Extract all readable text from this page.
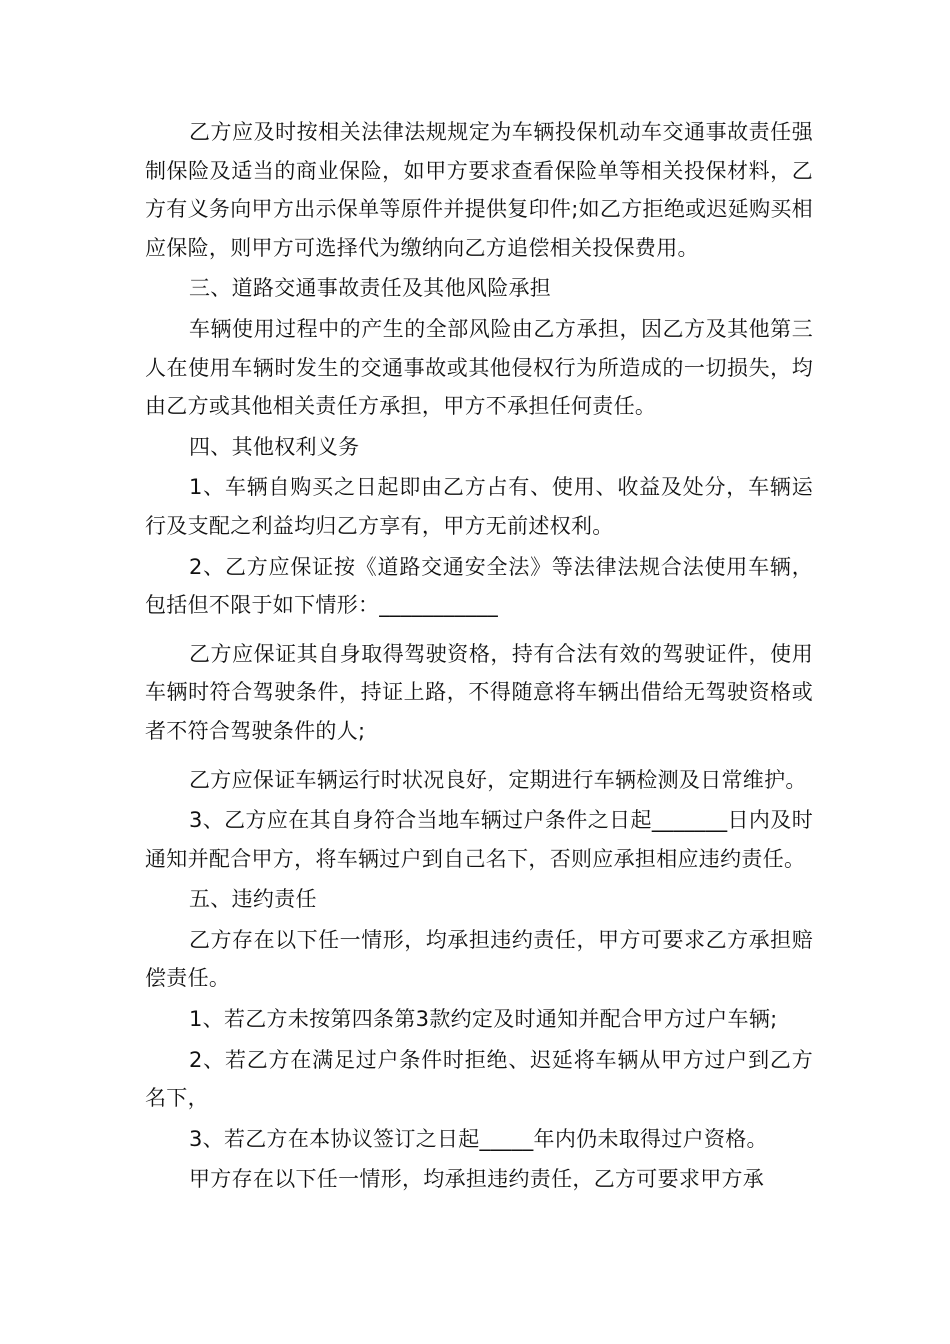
乙方应及时按相关法律法规规定为车辆投保机动车交通事故责任强制保险及适当的商业保险，如甲方要求查看保险单等相关投保材料，乙方有义务向甲方出示保单等原件并提供复印件;如乙方拒绝或迟延购买相应保险，则甲方可选择代为缴纳向乙方追偿相关投保费用。

三、道路交通事故责任及其他风险承担

车辆使用过程中的产生的全部风险由乙方承担，因乙方及其他第三人在使用车辆时发生的交通事故或其他侵权行为所造成的一切损失，均由乙方或其他相关责任方承担，甲方不承担任何责任。

四、其他权利义务

1、车辆自购买之日起即由乙方占有、使用、收益及处分，车辆运行及支配之利益均归乙方享有，甲方无前述权利。

2、乙方应保证按《道路交通安全法》等法律法规合法使用车辆，包括但不限于如下情形：___________

乙方应保证其自身取得驾驶资格，持有合法有效的驾驶证件，使用车辆时符合驾驶条件，持证上路，不得随意将车辆出借给无驾驶资格或者不符合驾驶条件的人;

乙方应保证车辆运行时状况良好，定期进行车辆检测及日常维护。

3、乙方应在其自身符合当地车辆过户条件之日起_______日内及时通知并配合甲方，将车辆过户到自己名下，否则应承担相应违约责任。

五、违约责任

乙方存在以下任一情形，均承担违约责任，甲方可要求乙方承担赔偿责任。

1、若乙方未按第四条第3款约定及时通知并配合甲方过户车辆;

2、若乙方在满足过户条件时拒绝、迟延将车辆从甲方过户到乙方名下，

3、若乙方在本协议签订之日起_____年内仍未取得过户资格。

甲方存在以下任一情形，均承担违约责任，乙方可要求甲方承
